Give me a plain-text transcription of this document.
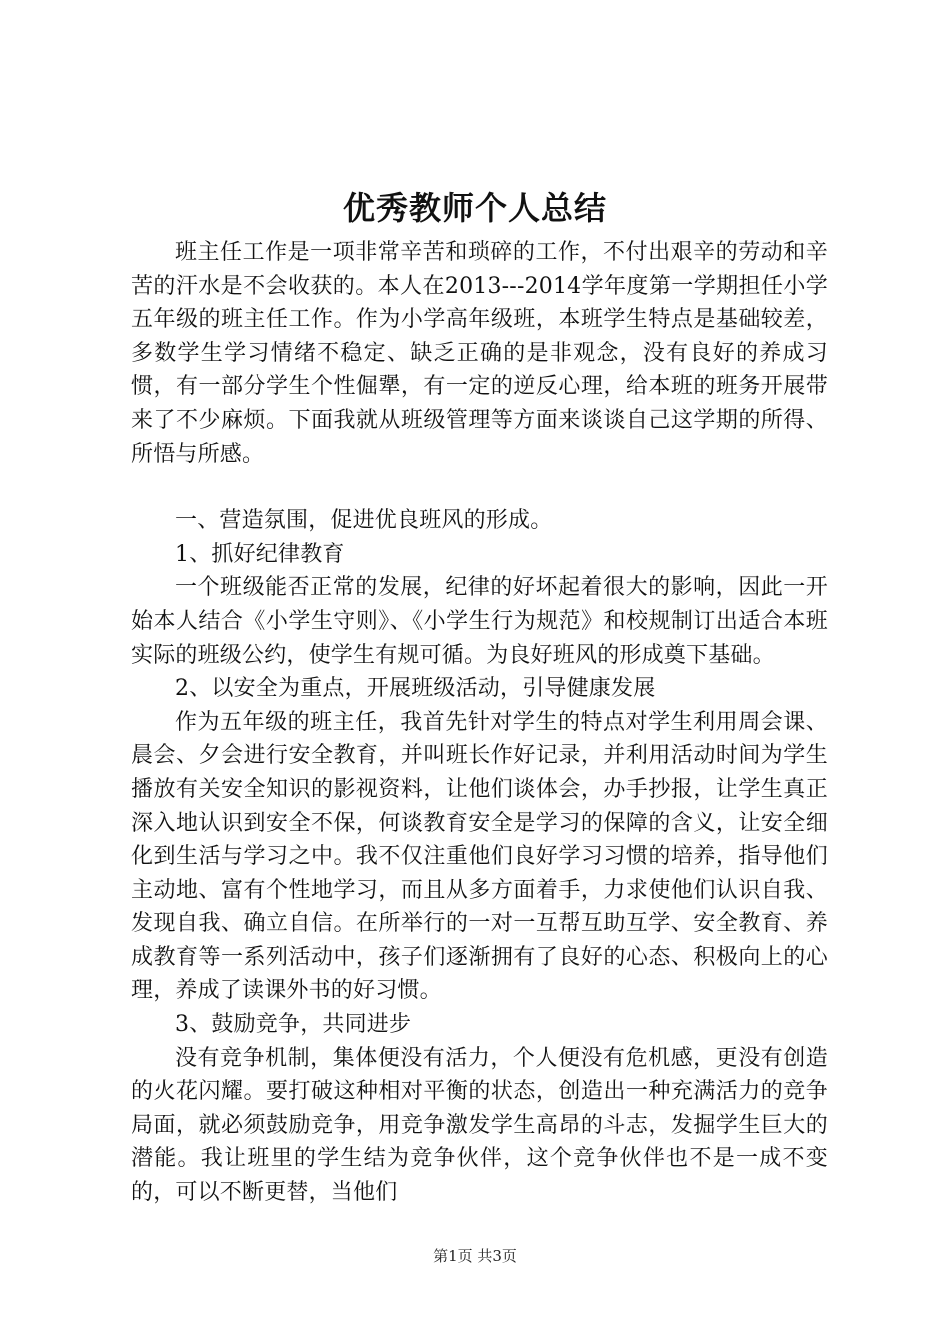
优秀教师个人总结

班主任工作是一项非常辛苦和琐碎的工作，不付出艰辛的劳动和辛苦的汗水是不会收获的。本人在2013---2014学年度第一学期担任小学五年级的班主任工作。作为小学高年级班，本班学生特点是基础较差，多数学生学习情绪不稳定、缺乏正确的是非观念，没有良好的养成习惯，有一部分学生个性倔犟，有一定的逆反心理，给本班的班务开展带来了不少麻烦。下面我就从班级管理等方面来谈谈自己这学期的所得、所悟与所感。

一、营造氛围，促进优良班风的形成。

1、抓好纪律教育

一个班级能否正常的发展，纪律的好坏起着很大的影响，因此一开始本人结合《小学生守则》、《小学生行为规范》和校规制订出适合本班实际的班级公约，使学生有规可循。为良好班风的形成奠下基础。

2、以安全为重点，开展班级活动，引导健康发展

作为五年级的班主任，我首先针对学生的特点对学生利用周会课、晨会、夕会进行安全教育，并叫班长作好记录，并利用活动时间为学生播放有关安全知识的影视资料，让他们谈体会，办手抄报，让学生真正深入地认识到安全不保，何谈教育安全是学习的保障的含义，让安全细化到生活与学习之中。我不仅注重他们良好学习习惯的培养，指导他们主动地、富有个性地学习，而且从多方面着手，力求使他们认识自我、发现自我、确立自信。在所举行的一对一互帮互助互学、安全教育、养成教育等一系列活动中，孩子们逐渐拥有了良好的心态、积极向上的心理，养成了读课外书的好习惯。

3、鼓励竞争，共同进步

没有竞争机制，集体便没有活力，个人便没有危机感，更没有创造的火花闪耀。要打破这种相对平衡的状态，创造出一种充满活力的竞争局面，就必须鼓励竞争，用竞争激发学生高昂的斗志，发掘学生巨大的潜能。我让班里的学生结为竞争伙伴，这个竞争伙伴也不是一成不变的，可以不断更替，当他们

第1页 共3页
